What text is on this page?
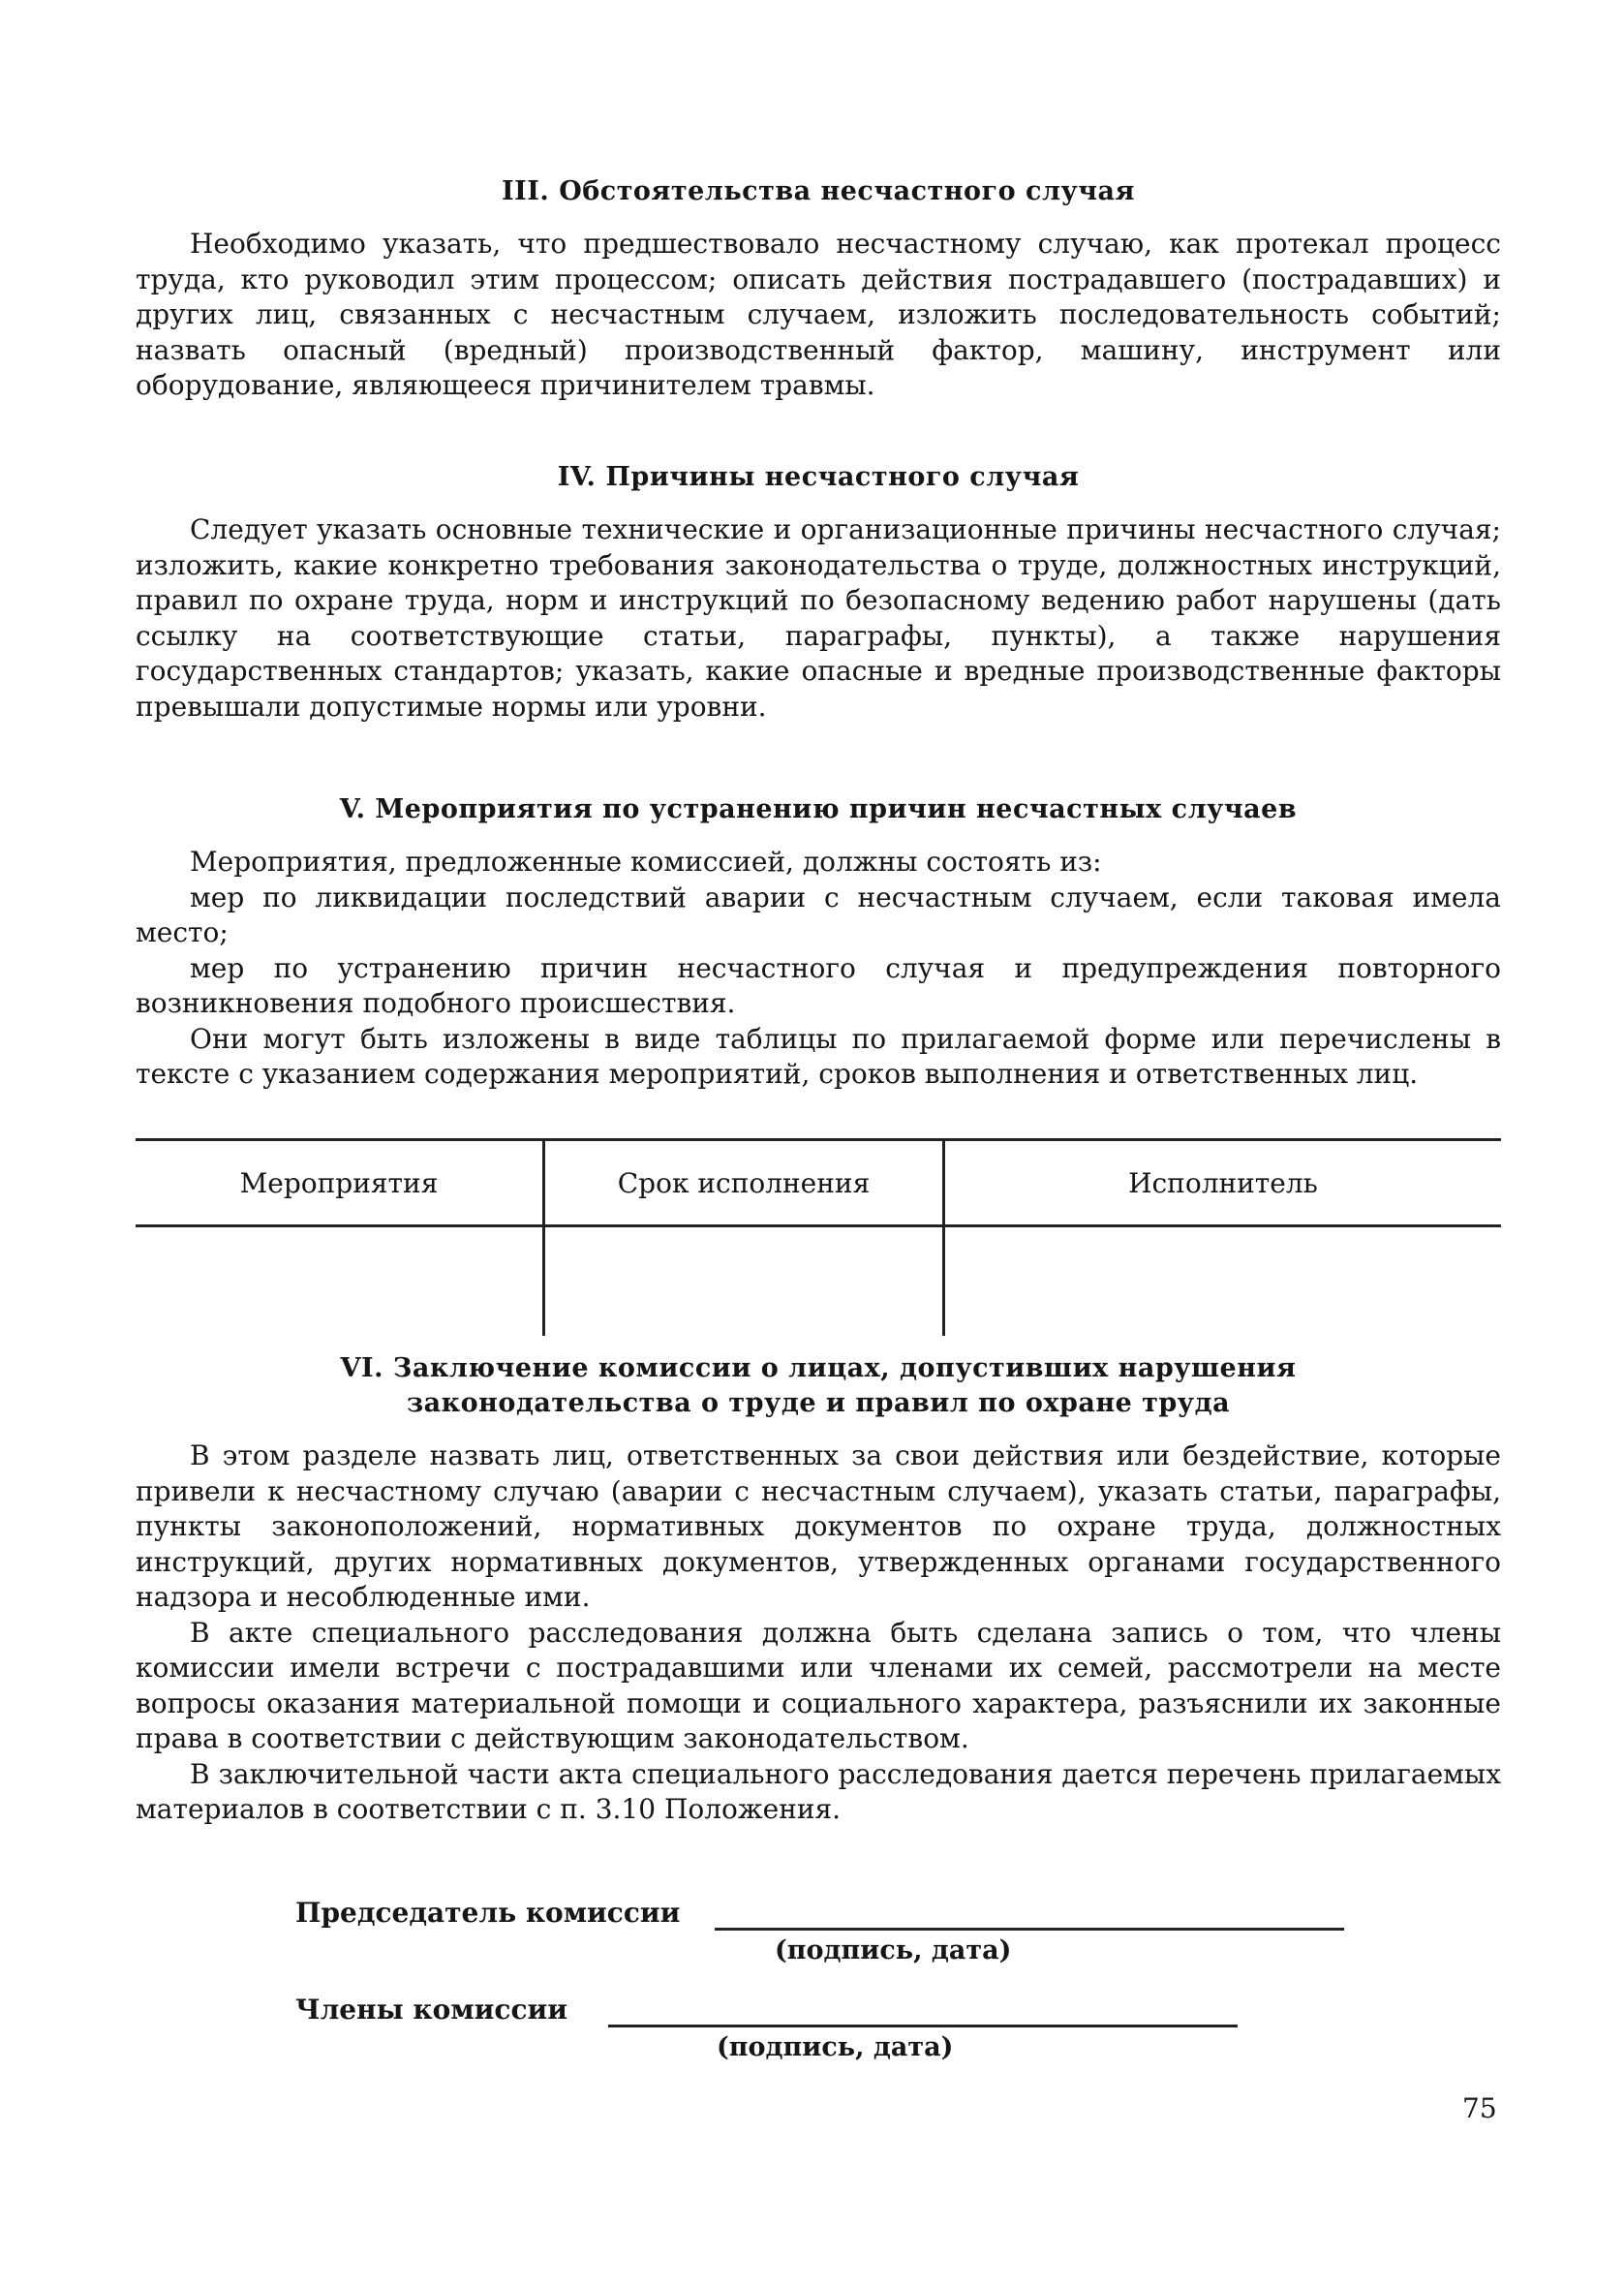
III. Обстоятельства несчастного случая

Необходимо указать, что предшествовало несчастному случаю, как протекал процесс труда, кто руководил этим процессом; описать действия пострадавшего (пострадавших) и других лиц, связанных с несчастным случаем, изложить последовательность событий; назвать опасный (вредный) производственный фактор, машину, инструмент или оборудование, являющееся причинителем травмы.

IV. Причины несчастного случая

Следует указать основные технические и организационные причины несчастного случая; изложить, какие конкретно требования законодательства о труде, должностных инструкций, правил по охране труда, норм и инструкций по безопасному ведению работ нарушены (дать ссылку на соответствующие статьи, параграфы, пункты), а также нарушения государственных стандартов; указать, какие опасные и вредные производственные факторы превышали допустимые нормы или уровни.

V. Мероприятия по устранению причин несчастных случаев

Мероприятия, предложенные комиссией, должны состоять из:

мер по ликвидации последствий аварии с несчастным случаем, если таковая имела место;

мер по устранению причин несчастного случая и предупреждения повторного возникновения подобного происшествия.

Они могут быть изложены в виде таблицы по прилагаемой форме или перечислены в тексте с указанием содержания мероприятий, сроков выполнения и ответственных лиц.

Мероприятия	Срок исполнения	Исполнитель

VI. Заключение комиссии о лицах, допустивших нарушения
законодательства о труде и правил по охране труда

В этом разделе назвать лиц, ответственных за свои действия или бездействие, которые привели к несчастному случаю (аварии с несчастным случаем), указать статьи, параграфы, пункты законоположений, нормативных документов по охране труда, должностных инструкций, других нормативных документов, утвержденных органами государственного надзора и несоблюденные ими.

В акте специального расследования должна быть сделана запись о том, что члены комиссии имели встречи с пострадавшими или членами их семей, рассмотрели на месте вопросы оказания материальной помощи и социального характера, разъяснили их законные права в соответствии с действующим законодательством.

В заключительной части акта специального расследования дается перечень прилагаемых материалов в соответствии с п. 3.10 Положения.

Председатель комиссии
(подпись, дата)
Члены комиссии
(подпись, дата)
75
